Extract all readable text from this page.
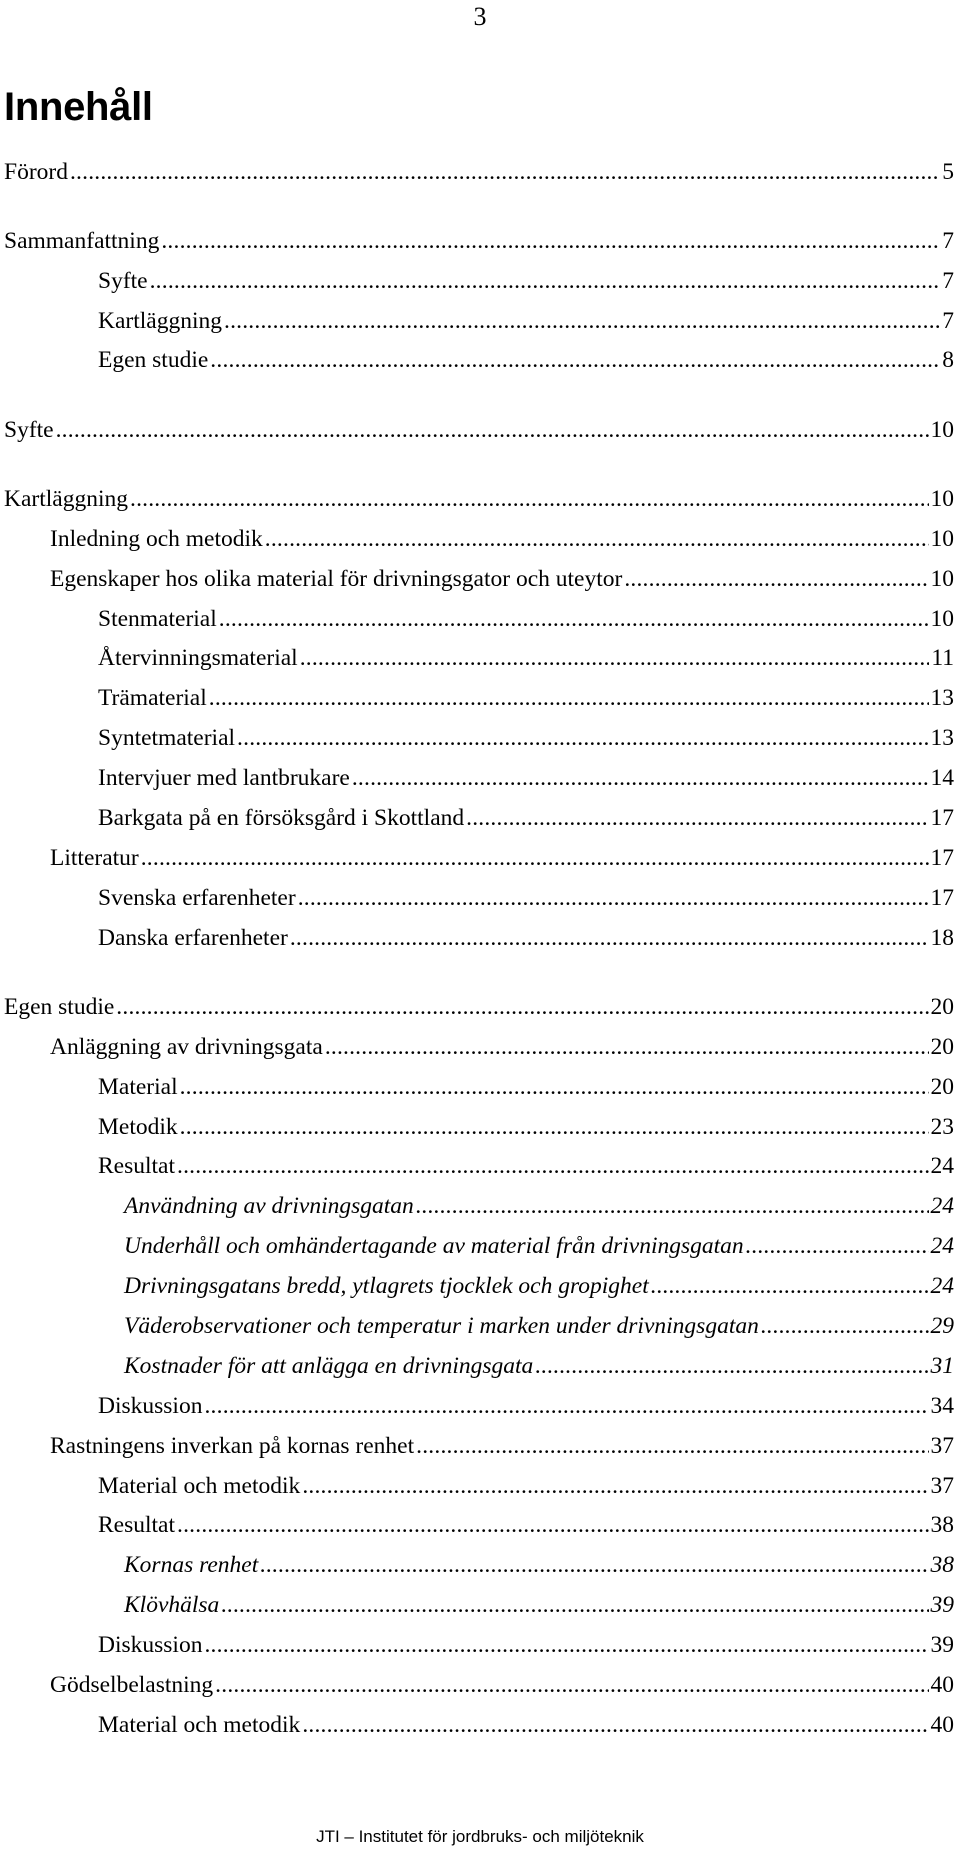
3
Innehåll
Förord .....	5
Sammanfattning .....	7
Syfte .....	7
Kartläggning .....	7
Egen studie .....	8
Syfte .....	10
Kartläggning .....	10
Inledning och metodik .....	10
Egenskaper hos olika material för drivningsgator och uteytor .....	10
Stenmaterial .....	10
Återvinningsmaterial .....	11
Trämaterial .....	13
Syntetmaterial .....	13
Intervjuer med lantbrukare .....	14
Barkgata på en försöksgård i Skottland .....	17
Litteratur .....	17
Svenska erfarenheter .....	17
Danska erfarenheter .....	18
Egen studie .....	20
Anläggning av drivningsgata .....	20
Material .....	20
Metodik .....	23
Resultat .....	24
Användning av drivningsgatan .....	24
Underhåll och omhändertagande av material från drivningsgatan .....	24
Drivningsgatans bredd, ytlagrets tjocklek och gropighet .....	24
Väderobservationer och temperatur i marken under drivningsgatan .....	29
Kostnader för att anlägga en drivningsgata .....	31
Diskussion .....	34
Rastningens inverkan på kornas renhet .....	37
Material och metodik .....	37
Resultat .....	38
Kornas renhet .....	38
Klövhälsa .....	39
Diskussion .....	39
Gödselbelastning .....	40
Material och metodik .....	40
JTI – Institutet för jordbruks- och miljöteknik
